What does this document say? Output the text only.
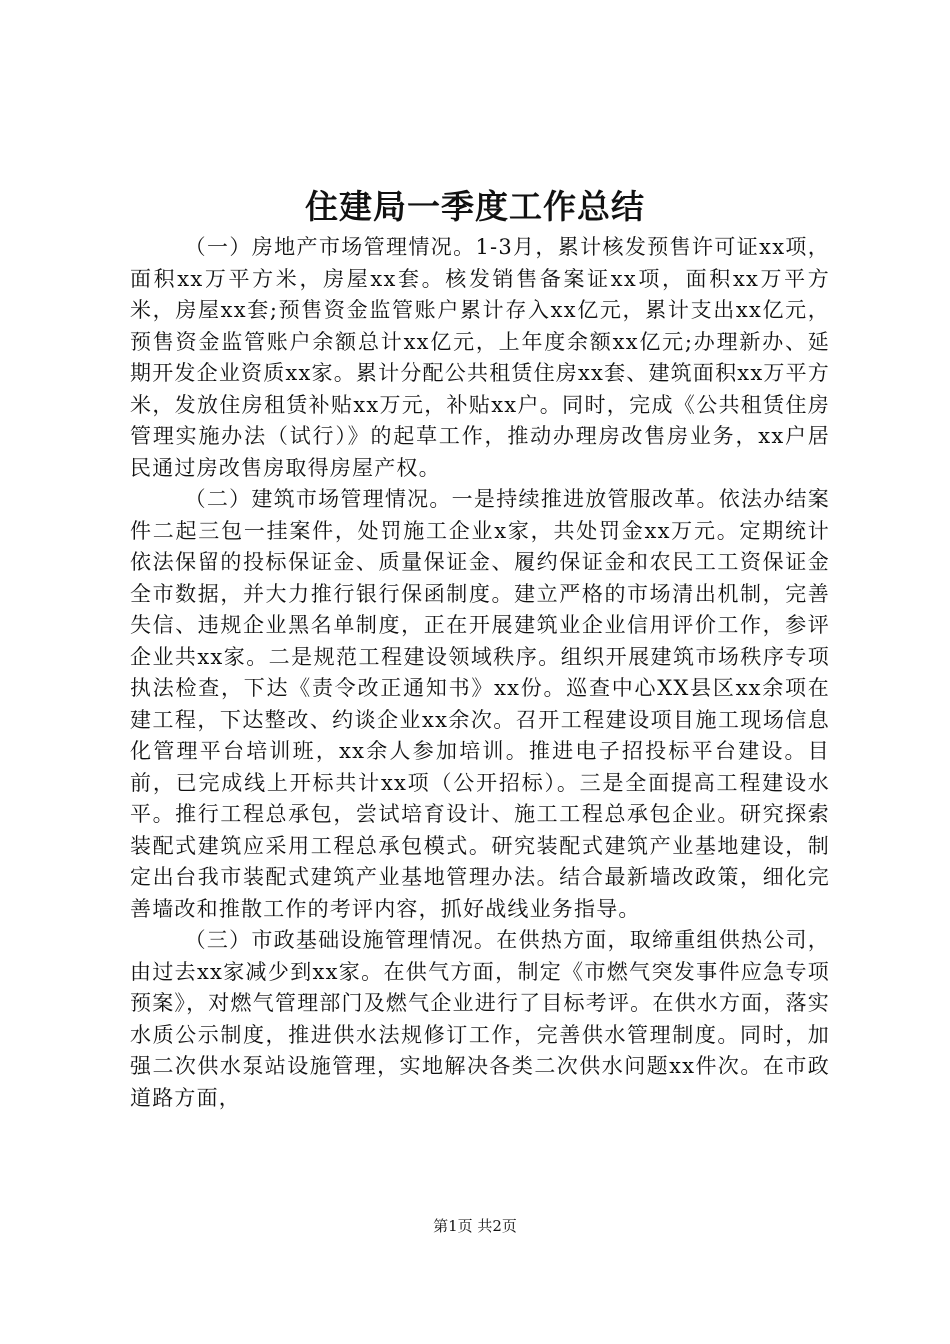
住建局一季度工作总结

（一）房地产市场管理情况。1-3月，累计核发预售许可证xx项，面积xx万平方米，房屋xx套。核发销售备案证xx项，面积xx万平方米，房屋xx套;预售资金监管账户累计存入xx亿元，累计支出xx亿元，预售资金监管账户余额总计xx亿元，上年度余额xx亿元;办理新办、延期开发企业资质xx家。累计分配公共租赁住房xx套、建筑面积xx万平方米，发放住房租赁补贴xx万元，补贴xx户。同时，完成《公共租赁住房管理实施办法（试行）》的起草工作，推动办理房改售房业务，xx户居民通过房改售房取得房屋产权。

（二）建筑市场管理情况。一是持续推进放管服改革。依法办结案件二起三包一挂案件，处罚施工企业x家，共处罚金xx万元。定期统计依法保留的投标保证金、质量保证金、履约保证金和农民工工资保证金全市数据，并大力推行银行保函制度。建立严格的市场清出机制，完善失信、违规企业黑名单制度，正在开展建筑业企业信用评价工作，参评企业共xx家。二是规范工程建设领域秩序。组织开展建筑市场秩序专项执法检查，下达《责令改正通知书》xx份。巡查中心XX县区xx余项在建工程，下达整改、约谈企业xx余次。召开工程建设项目施工现场信息化管理平台培训班，xx余人参加培训。推进电子招投标平台建设。目前，已完成线上开标共计xx项（公开招标）。三是全面提高工程建设水平。推行工程总承包，尝试培育设计、施工工程总承包企业。研究探索装配式建筑应采用工程总承包模式。研究装配式建筑产业基地建设，制定出台我市装配式建筑产业基地管理办法。结合最新墙改政策，细化完善墙改和推散工作的考评内容，抓好战线业务指导。

（三）市政基础设施管理情况。在供热方面，取缔重组供热公司，由过去xx家减少到xx家。在供气方面，制定《市燃气突发事件应急专项预案》，对燃气管理部门及燃气企业进行了目标考评。在供水方面，落实水质公示制度，推进供水法规修订工作，完善供水管理制度。同时，加强二次供水泵站设施管理，实地解决各类二次供水问题xx件次。在市政道路方面，

第1页 共2页
